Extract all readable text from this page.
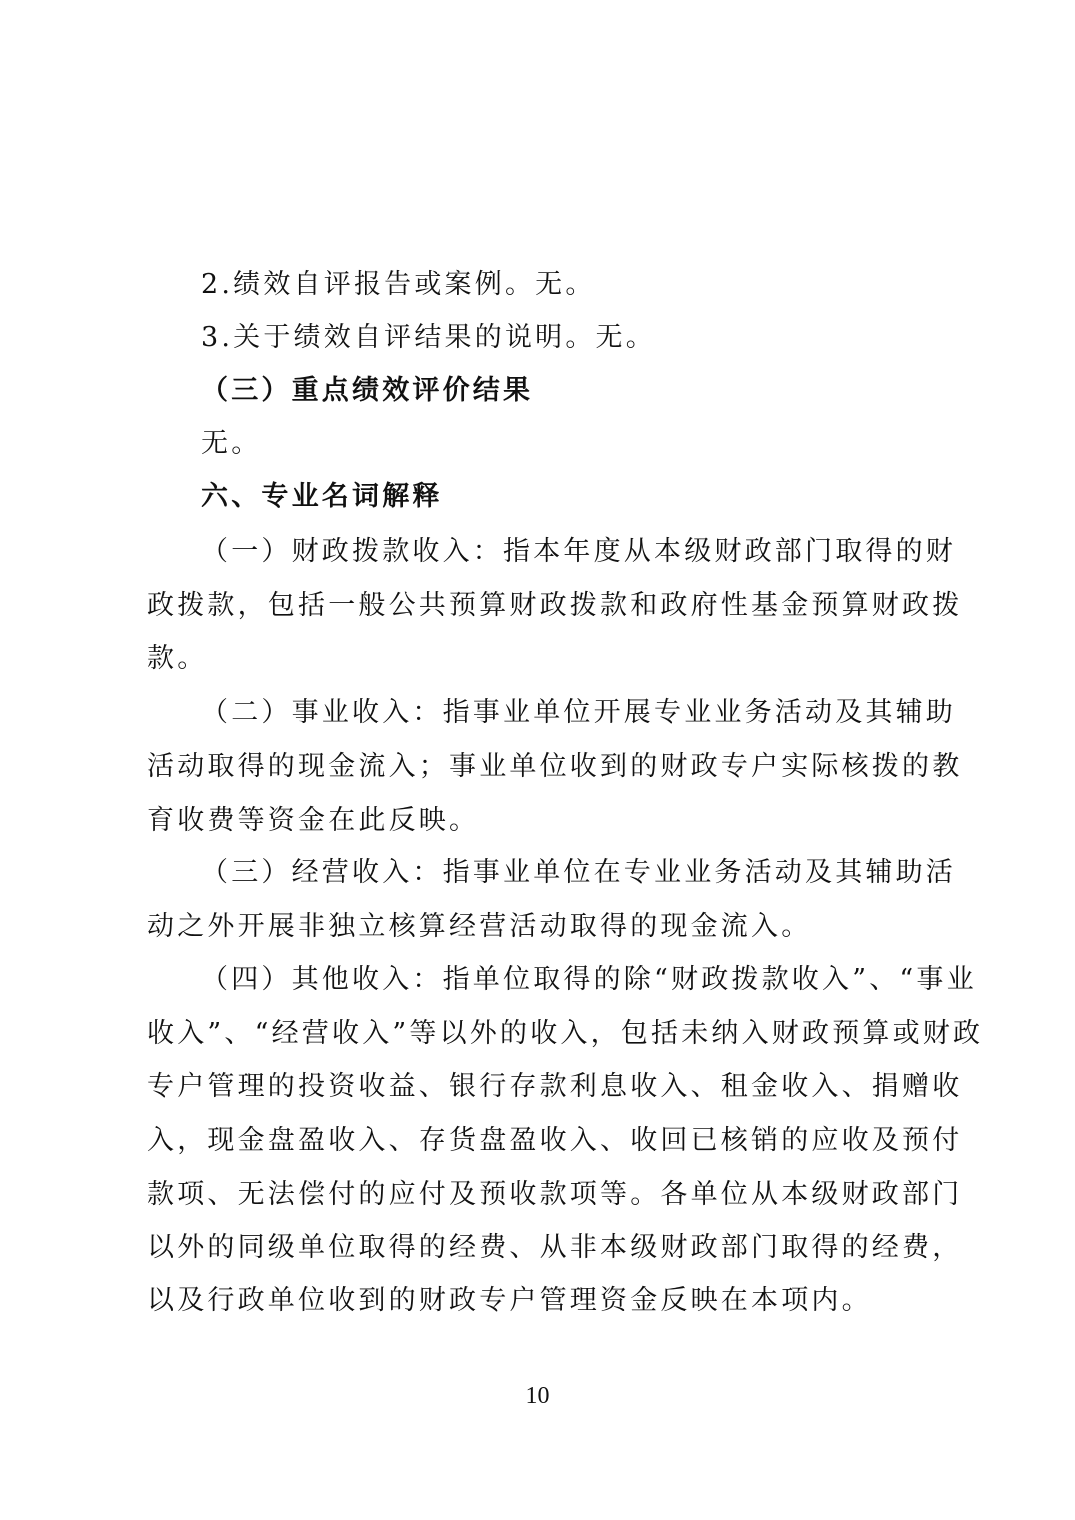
2.绩效自评报告或案例。无。
3.关于绩效自评结果的说明。无。
（三）重点绩效评价结果
无。
六、专业名词解释
（一）财政拨款收入：指本年度从本级财政部门取得的财
政拨款，包括一般公共预算财政拨款和政府性基金预算财政拨
款。
（二）事业收入：指事业单位开展专业业务活动及其辅助
活动取得的现金流入；事业单位收到的财政专户实际核拨的教
育收费等资金在此反映。
（三）经营收入：指事业单位在专业业务活动及其辅助活
动之外开展非独立核算经营活动取得的现金流入。
（四）其他收入：指单位取得的除“财政拨款收入”、“事业
收入”、“经营收入”等以外的收入，包括未纳入财政预算或财政
专户管理的投资收益、银行存款利息收入、租金收入、捐赠收
入，现金盘盈收入、存货盘盈收入、收回已核销的应收及预付
款项、无法偿付的应付及预收款项等。各单位从本级财政部门
以外的同级单位取得的经费、从非本级财政部门取得的经费，
以及行政单位收到的财政专户管理资金反映在本项内。
10
